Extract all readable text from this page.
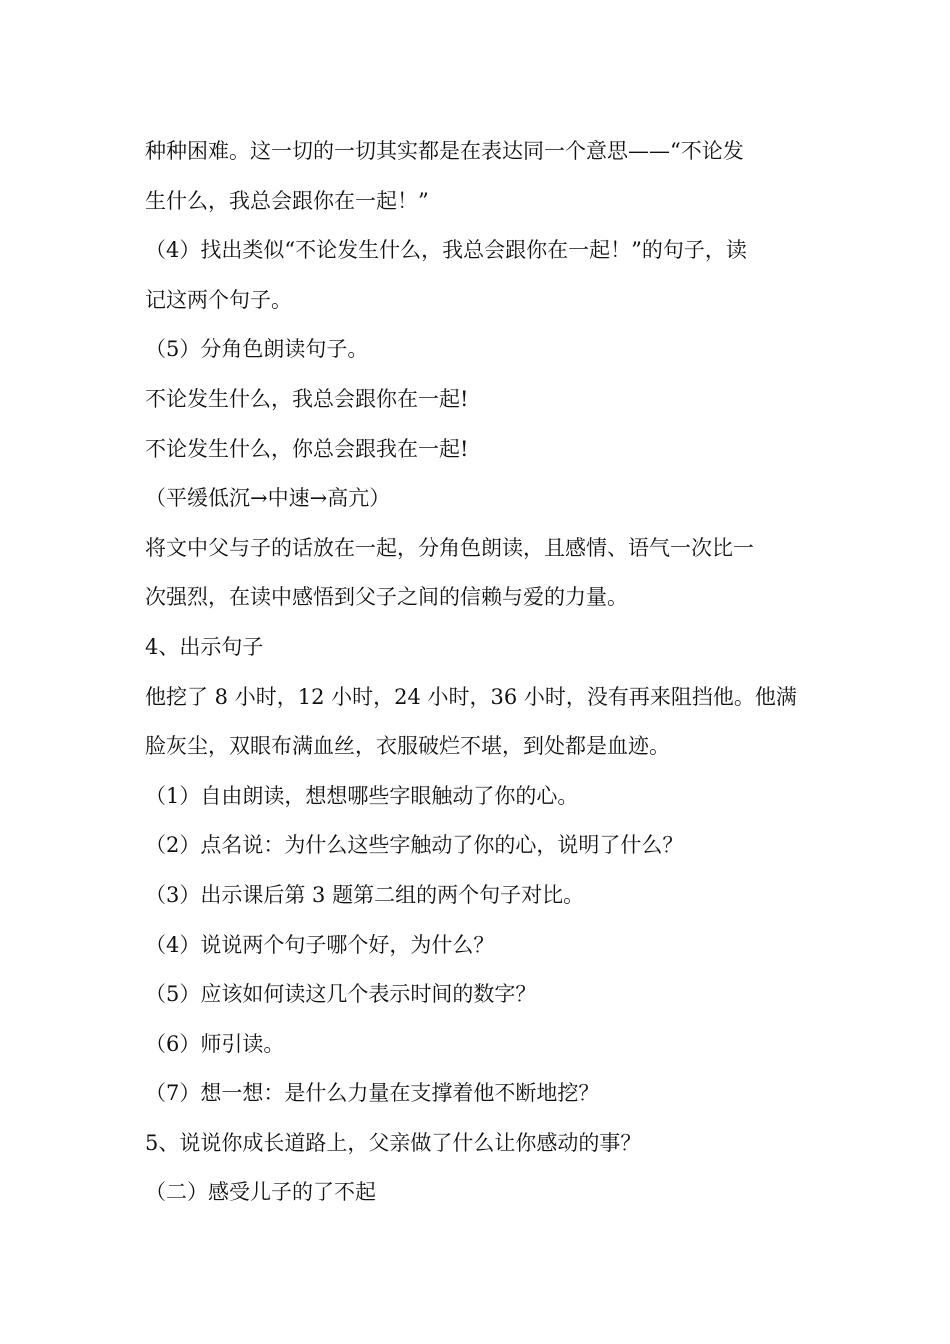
种种困难。这一切的一切其实都是在表达同一个意思——“不论发
生什么，我总会跟你在一起！”
（4）找出类似“不论发生什么，我总会跟你在一起！”的句子，读
记这两个句子。
（5）分角色朗读句子。
不论发生什么，我总会跟你在一起!
不论发生什么，你总会跟我在一起!
（平缓低沉→中速→高亢）
将文中父与子的话放在一起，分角色朗读，且感情、语气一次比一
次强烈，在读中感悟到父子之间的信赖与爱的力量。
4、出示句子
他挖了 8 小时，12 小时，24 小时，36 小时，没有再来阻挡他。他满
脸灰尘，双眼布满血丝，衣服破烂不堪，到处都是血迹。
（1）自由朗读，想想哪些字眼触动了你的心。
（2）点名说：为什么这些字触动了你的心，说明了什么？
（3）出示课后第 3 题第二组的两个句子对比。
（4）说说两个句子哪个好，为什么？
（5）应该如何读这几个表示时间的数字？
（6）师引读。
（7）想一想：是什么力量在支撑着他不断地挖？
5、说说你成长道路上，父亲做了什么让你感动的事？
（二）感受儿子的了不起
